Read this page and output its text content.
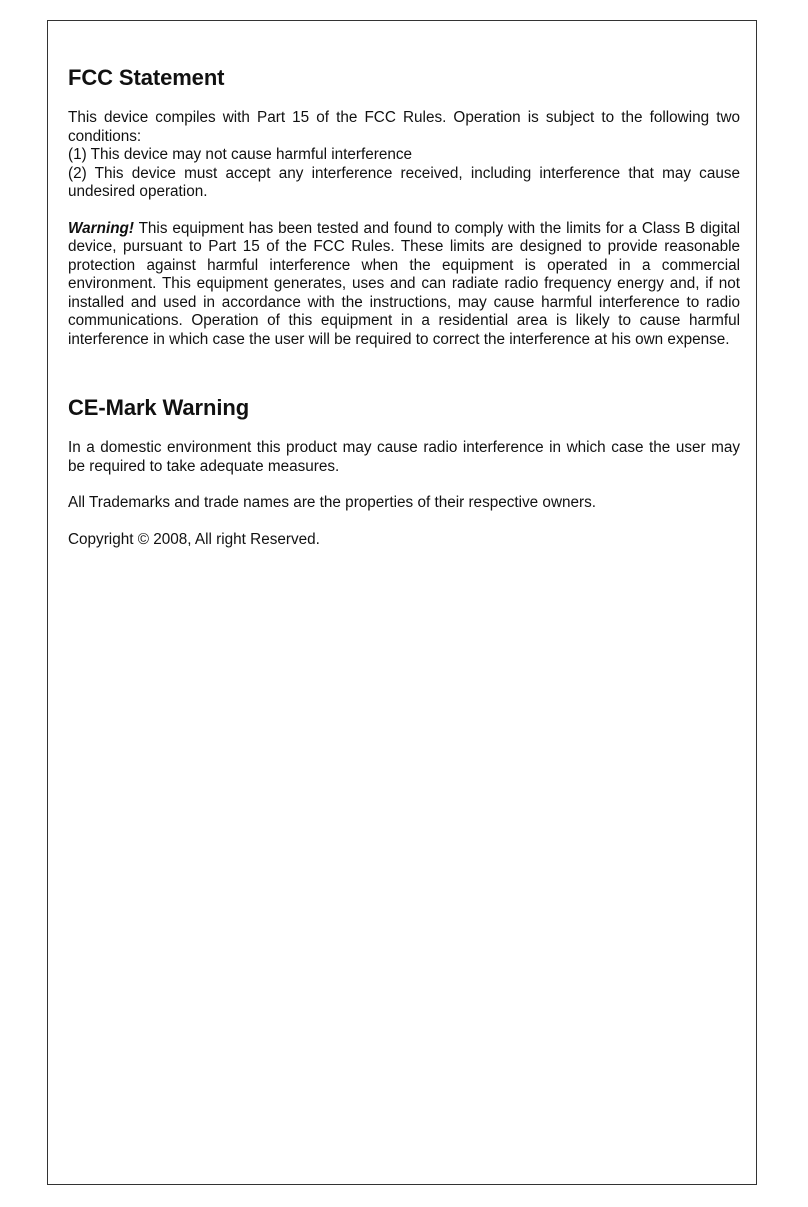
FCC Statement

This device compiles with Part 15 of the FCC Rules. Operation is subject to the following two conditions:

(1) This device may not cause harmful interference

(2) This device must accept any interference received, including interference that may cause undesired operation.

Warning! This equipment has been tested and found to comply with the limits for a Class B digital device, pursuant to Part 15 of the FCC Rules. These limits are designed to provide reasonable protection against harmful interference when the equipment is operated in a commercial environment. This equipment generates, uses and can radiate radio frequency energy and, if not installed and used in accordance with the instructions, may cause harmful interference to radio communications. Operation of this equipment in a residential area is likely to cause harmful interference in which case the user will be required to correct the interference at his own expense.

CE-Mark Warning

In a domestic environment this product may cause radio interference in which case the user may be required to take adequate measures.

All Trademarks and trade names are the properties of their respective owners.

Copyright © 2008, All right Reserved.
